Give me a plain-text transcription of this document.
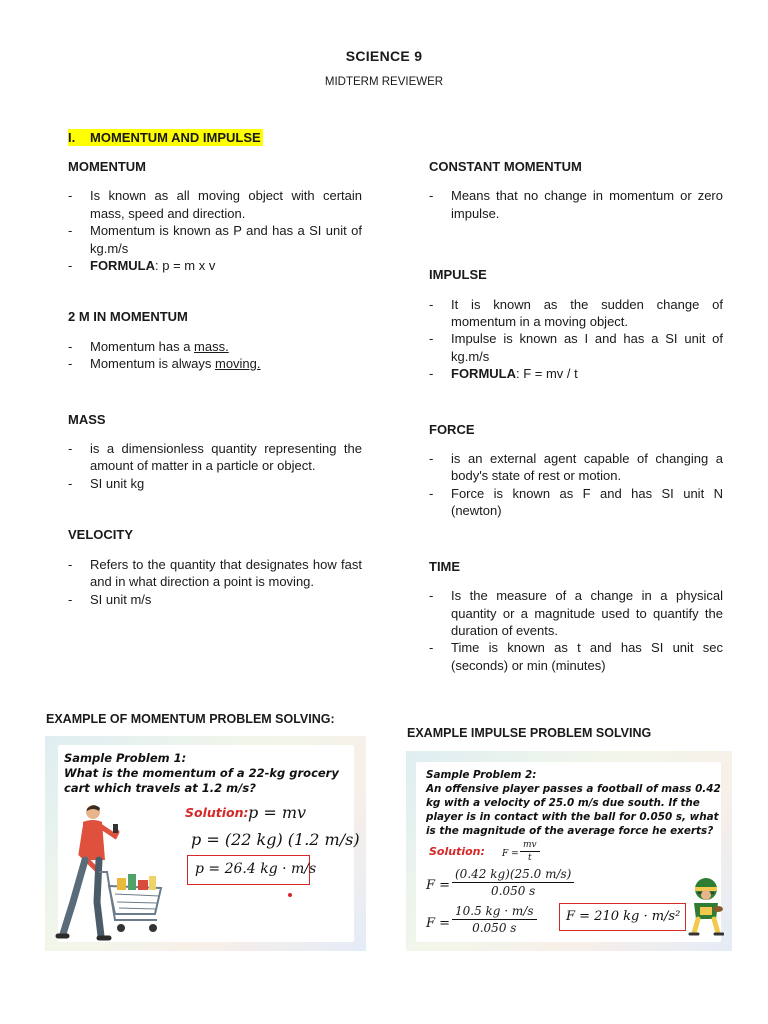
SCIENCE 9
MIDTERM REVIEWER
I. MOMENTUM AND IMPULSE
MOMENTUM
- Is known as all moving object with certain mass, speed and direction.
- Momentum is known as P and has a SI unit of kg.m/s
- FORMULA: p = m x v
2 M IN MOMENTUM
- Momentum has a mass.
- Momentum is always moving.
MASS
- is a dimensionless quantity representing the amount of matter in a particle or object.
- SI unit kg
VELOCITY
- Refers to the quantity that designates how fast and in what direction a point is moving.
- SI unit m/s
CONSTANT MOMENTUM
- Means that no change in momentum or zero impulse.
IMPULSE
- It is known as the sudden change of momentum in a moving object.
- Impulse is known as I and has a SI unit of kg.m/s
- FORMULA: F = mv / t
FORCE
- is an external agent capable of changing a body's state of rest or motion.
- Force is known as F and has SI unit N (newton)
TIME
- Is the measure of a change in a physical quantity or a magnitude used to quantify the duration of events.
- Time is known as t and has SI unit sec (seconds) or min (minutes)
EXAMPLE OF MOMENTUM PROBLEM SOLVING:
EXAMPLE IMPULSE PROBLEM SOLVING
Sample Problem 1:
What is the momentum of a 22-kg grocery cart which travels at 1.2 m/s?
Solution: p = mv
p = (22 kg) (1.2 m/s)
p = 26.4 kg · m/s
Sample Problem 2:
An offensive player passes a football of mass 0.42 kg with a velocity of 25.0 m/s due south. If the player is in contact with the ball for 0.050 s, what is the magnitude of the average force he exerts?
Solution: $F = \frac{mv}{t}$
$F = \frac{(0.42 kg)(25.0 m/s)}{0.050 s}$
$F = \frac{10.5 kg \cdot m/s}{0.050 s}$ F = 210 kg · m/s²
